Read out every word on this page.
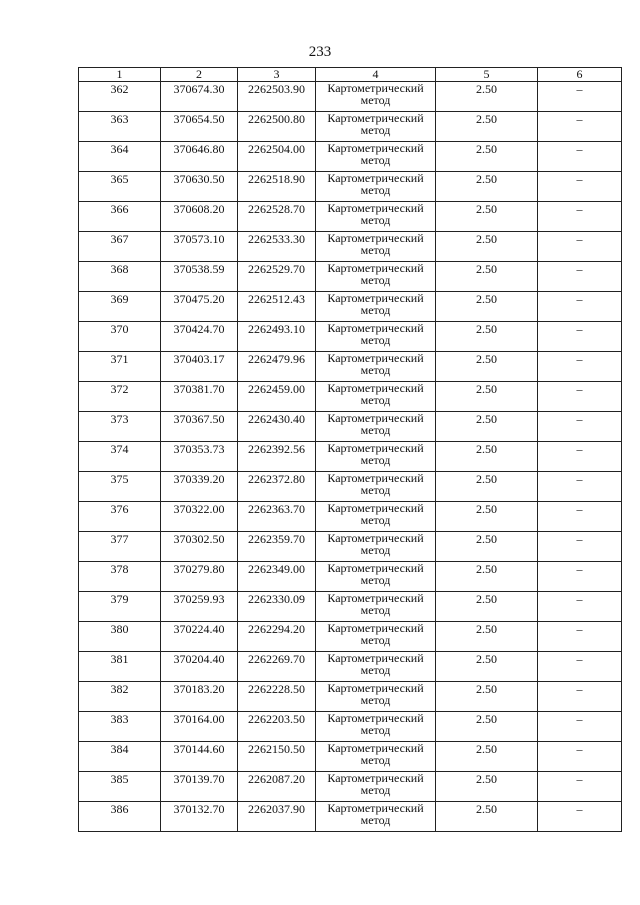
233
1	2	3	4	5	6
362	370674.30	2262503.90	Картометрический метод	2.50	–
363	370654.50	2262500.80	Картометрический метод	2.50	–
364	370646.80	2262504.00	Картометрический метод	2.50	–
365	370630.50	2262518.90	Картометрический метод	2.50	–
366	370608.20	2262528.70	Картометрический метод	2.50	–
367	370573.10	2262533.30	Картометрический метод	2.50	–
368	370538.59	2262529.70	Картометрический метод	2.50	–
369	370475.20	2262512.43	Картометрический метод	2.50	–
370	370424.70	2262493.10	Картометрический метод	2.50	–
371	370403.17	2262479.96	Картометрический метод	2.50	–
372	370381.70	2262459.00	Картометрический метод	2.50	–
373	370367.50	2262430.40	Картометрический метод	2.50	–
374	370353.73	2262392.56	Картометрический метод	2.50	–
375	370339.20	2262372.80	Картометрический метод	2.50	–
376	370322.00	2262363.70	Картометрический метод	2.50	–
377	370302.50	2262359.70	Картометрический метод	2.50	–
378	370279.80	2262349.00	Картометрический метод	2.50	–
379	370259.93	2262330.09	Картометрический метод	2.50	–
380	370224.40	2262294.20	Картометрический метод	2.50	–
381	370204.40	2262269.70	Картометрический метод	2.50	–
382	370183.20	2262228.50	Картометрический метод	2.50	–
383	370164.00	2262203.50	Картометрический метод	2.50	–
384	370144.60	2262150.50	Картометрический метод	2.50	–
385	370139.70	2262087.20	Картометрический метод	2.50	–
386	370132.70	2262037.90	Картометрический метод	2.50	–
